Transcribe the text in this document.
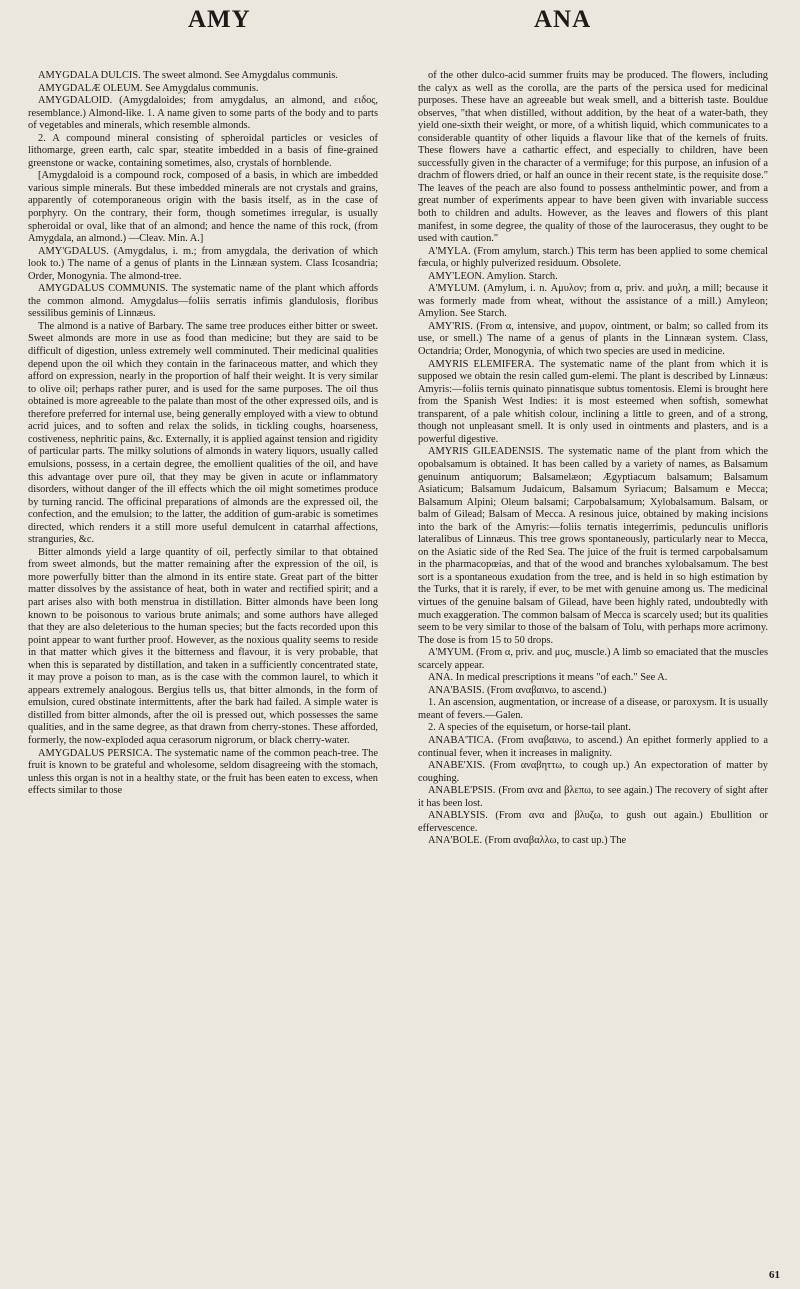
AMY	ANA

AMYGDALA DULCIS. The sweet almond. See Amygdalus communis.

AMYGDALÆ OLEUM. See Amygdalus communis.

AMYGDALOID. (Amygdaloides; from amygdalus, an almond, and ειδος, resemblance.) Almond-like. 1. A name given to some parts of the body and to parts of vegetables and minerals, which resemble almonds.

2. A compound mineral consisting of spheroidal particles or vesicles of lithomarge, green earth, calc spar, steatite imbedded in a basis of fine-grained greenstone or wacke, containing sometimes, also, crystals of hornblende.

[Amygdaloid is a compound rock, composed of a basis, in which are imbedded various simple minerals. But these imbedded minerals are not crystals and grains, apparently of cotemporaneous origin with the basis itself, as in the case of porphyry. On the contrary, their form, though sometimes irregular, is usually spheroidal or oval, like that of an almond; and hence the name of this rock, (from Amygdala, an almond.) —Cleav. Min. A.]

AMY'GDALUS. (Amygdalus, i. m.; from amygdala, the derivation of which look to.) The name of a genus of plants in the Linnæan system. Class Icosandria; Order, Monogynia. The almond-tree.

AMYGDALUS COMMUNIS. The systematic name of the plant which affords the common almond. Amygdalus—foliis serratis infimis glandulosis, floribus sessilibus geminis of Linnæus.

The almond is a native of Barbary. The same tree produces either bitter or sweet. Sweet almonds are more in use as food than medicine; but they are said to be difficult of digestion, unless extremely well comminuted. Their medicinal qualities depend upon the oil which they contain in the farinaceous matter, and which they afford on expression, nearly in the proportion of half their weight. It is very similar to olive oil; perhaps rather purer, and is used for the same purposes. The oil thus obtained is more agreeable to the palate than most of the other expressed oils, and is therefore preferred for internal use, being generally employed with a view to obtund acrid juices, and to soften and relax the solids, in tickling coughs, hoarseness, costiveness, nephritic pains, &c. Externally, it is applied against tension and rigidity of particular parts. The milky solutions of almonds in watery liquors, usually called emulsions, possess, in a certain degree, the emollient qualities of the oil, and have this advantage over pure oil, that they may be given in acute or inflammatory disorders, without danger of the ill effects which the oil might sometimes produce by turning rancid. The officinal preparations of almonds are the expressed oil, the confection, and the emulsion; to the latter, the addition of gum-arabic is sometimes directed, which renders it a still more useful demulcent in catarrhal affections, stranguries, &c.

Bitter almonds yield a large quantity of oil, perfectly similar to that obtained from sweet almonds, but the matter remaining after the expression of the oil, is more powerfully bitter than the almond in its entire state. Great part of the bitter matter dissolves by the assistance of heat, both in water and rectified spirit; and a part arises also with both menstrua in distillation. Bitter almonds have been long known to be poisonous to various brute animals; and some authors have alleged that they are also deleterious to the human species; but the facts recorded upon this point appear to want further proof. However, as the noxious quality seems to reside in that matter which gives it the bitterness and flavour, it is very probable, that when this is separated by distillation, and taken in a sufficiently concentrated state, it may prove a poison to man, as is the case with the common laurel, to which it appears extremely analogous. Bergius tells us, that bitter almonds, in the form of emulsion, cured obstinate intermittents, after the bark had failed. A simple water is distilled from bitter almonds, after the oil is pressed out, which possesses the same qualities, and in the same degree, as that drawn from cherry-stones. These afforded, formerly, the now-exploded aqua cerasorum nigrorum, or black cherry-water.

AMYGDALUS PERSICA. The systematic name of the common peach-tree. The fruit is known to be grateful and wholesome, seldom disagreeing with the stomach, unless this organ is not in a healthy state, or the fruit has been eaten to excess, when effects similar to those

of the other dulco-acid summer fruits may be produced. The flowers, including the calyx as well as the corolla, are the parts of the persica used for medicinal purposes. These have an agreeable but weak smell, and a bitterish taste. Bouldue observes, "that when distilled, without addition, by the heat of a water-bath, they yield one-sixth their weight, or more, of a whitish liquid, which communicates to a considerable quantity of other liquids a flavour like that of the kernels of fruits. These flowers have a cathartic effect, and especially to children, have been successfully given in the character of a vermifuge; for this purpose, an infusion of a drachm of flowers dried, or half an ounce in their recent state, is the requisite dose." The leaves of the peach are also found to possess anthelmintic power, and from a great number of experiments appear to have been given with invariable success both to children and adults. However, as the leaves and flowers of this plant manifest, in some degree, the quality of those of the laurocerasus, they ought to be used with caution."

A'MYLA. (From amylum, starch.) This term has been applied to some chemical fæcula, or highly pulverized residuum. Obsolete.

AMY'LEON. Amylion. Starch.

A'MYLUM. (Amylum, i. n. Αμυλον; from α, priv. and μυλη, a mill; because it was formerly made from wheat, without the assistance of a mill.) Amyleon; Amylion. See Starch.

AMY'RIS. (From α, intensive, and μυρον, ointment, or balm; so called from its use, or smell.) The name of a genus of plants in the Linnæan system. Class, Octandria; Order, Monogynia, of which two species are used in medicine.

AMYRIS ELEMIFERA. The systematic name of the plant from which it is supposed we obtain the resin called gum-elemi. The plant is described by Linnæus: Amyris:—foliis ternis quinato pinnatisque subtus tomentosis. Elemi is brought here from the Spanish West Indies: it is most esteemed when softish, somewhat transparent, of a pale whitish colour, inclining a little to green, and of a strong, though not unpleasant smell. It is only used in ointments and plasters, and is a powerful digestive.

AMYRIS GILEADENSIS. The systematic name of the plant from which the opobalsamum is obtained. It has been called by a variety of names, as Balsamum genuinum antiquorum; Balsamelæon; Ægyptiacum balsamum; Balsamum Asiaticum; Balsamum Judaicum, Balsamum Syriacum; Balsamum e Mecca; Balsamum Alpini; Oleum balsami; Carpobalsamum; Xylobalsamum. Balsam, or balm of Gilead; Balsam of Mecca. A resinous juice, obtained by making incisions into the bark of the Amyris:—foliis ternatis integerrimis, pedunculis unifloris lateralibus of Linnæus. This tree grows spontaneously, particularly near to Mecca, on the Asiatic side of the Red Sea. The juice of the fruit is termed carpobalsamum in the pharmacopœias, and that of the wood and branches xylobalsamum. The best sort is a spontaneous exudation from the tree, and is held in so high estimation by the Turks, that it is rarely, if ever, to be met with genuine among us. The medicinal virtues of the genuine balsam of Gilead, have been highly rated, undoubtedly with much exaggeration. The common balsam of Mecca is scarcely used; but its qualities seem to be very similar to those of the balsam of Tolu, with perhaps more acrimony. The dose is from 15 to 50 drops.

A'MYUM. (From α, priv. and μυς, muscle.) A limb so emaciated that the muscles scarcely appear.

ANA. In medical prescriptions it means "of each." See A.

ANA'BASIS. (From αναβαινω, to ascend.)

1. An ascension, augmentation, or increase of a disease, or paroxysm. It is usually meant of fevers.—Galen.

2. A species of the equisetum, or horse-tail plant.

ANABA'TICA. (From αναβαινω, to ascend.) An epithet formerly applied to a continual fever, when it increases in malignity.

ANABE'XIS. (From αναβηττω, to cough up.) An expectoration of matter by coughing.

ANABLE'PSIS. (From ανα and βλεπω, to see again.) The recovery of sight after it has been lost.

ANABLYSIS. (From ανα and βλυζω, to gush out again.) Ebullition or effervescence.

ANA'BOLE. (From αναβαλλω, to cast up.) The

61
